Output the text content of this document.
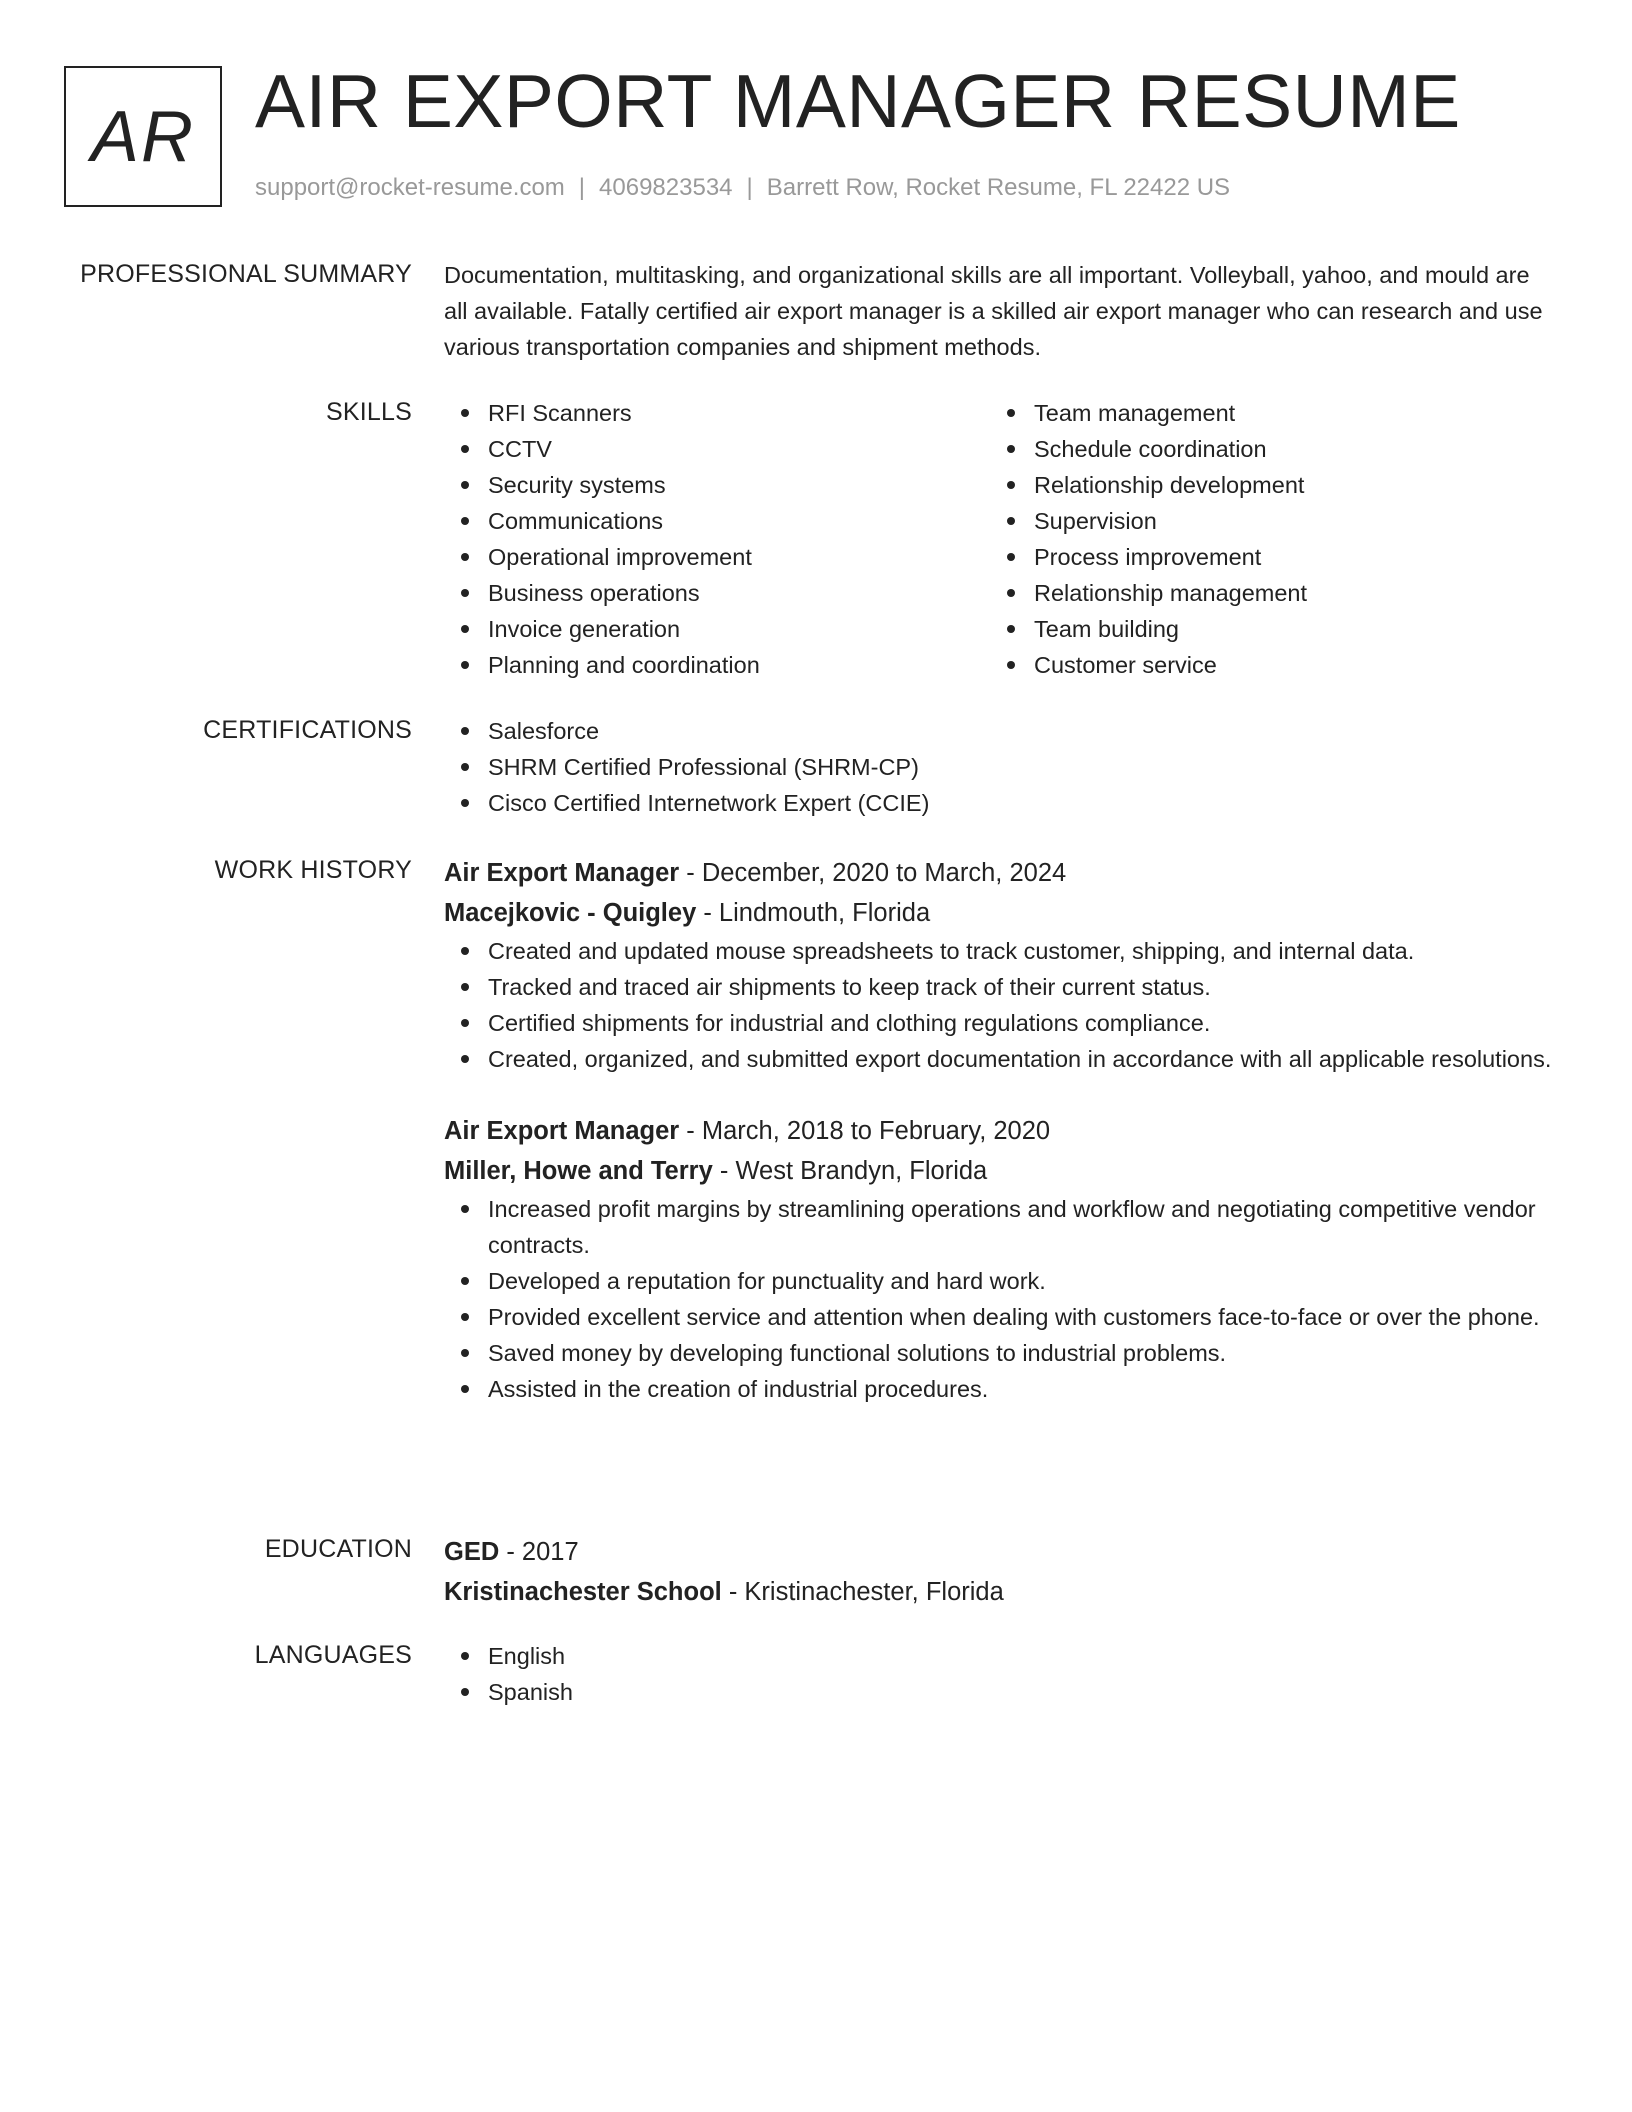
AR AIR EXPORT MANAGER RESUME
support@rocket-resume.com | 4069823534 | Barrett Row, Rocket Resume, FL 22422 US
PROFESSIONAL SUMMARY Documentation, multitasking, and organizational skills are all important. Volleyball, yahoo, and mould are all available. Fatally certified air export manager is a skilled air export manager who can research and use various transportation companies and shipment methods.

SKILLS	RFI Scanners
CCTV
Security systems
Communications
Operational improvement
Business operations
Invoice generation
Planning and coordination
Team management
Schedule coordination
Relationship development
Supervision
Process improvement
Relationship management
Team building
Customer service
CERTIFICATIONS	Salesforce
SHRM Certified Professional (SHRM-CP)
Cisco Certified Internetwork Expert (CCIE)
WORK HISTORY Air Export Manager - December, 2020 to March, 2024
Macejkovic - Quigley - Lindmouth, Florida
Created and updated mouse spreadsheets to track customer, shipping, and internal data.
Tracked and traced air shipments to keep track of their current status.
Certified shipments for industrial and clothing regulations compliance.
Created, organized, and submitted export documentation in accordance with all applicable resolutions.
Air Export Manager - March, 2018 to February, 2020
Miller, Howe and Terry - West Brandyn, Florida
Increased profit margins by streamlining operations and workflow and negotiating competitive vendor contracts.
Developed a reputation for punctuality and hard work.
Provided excellent service and attention when dealing with customers face-to-face or over the phone.
Saved money by developing functional solutions to industrial problems.
Assisted in the creation of industrial procedures.
EDUCATION GED - 2017
Kristinachester School - Kristinachester, Florida
LANGUAGES	English
Spanish
